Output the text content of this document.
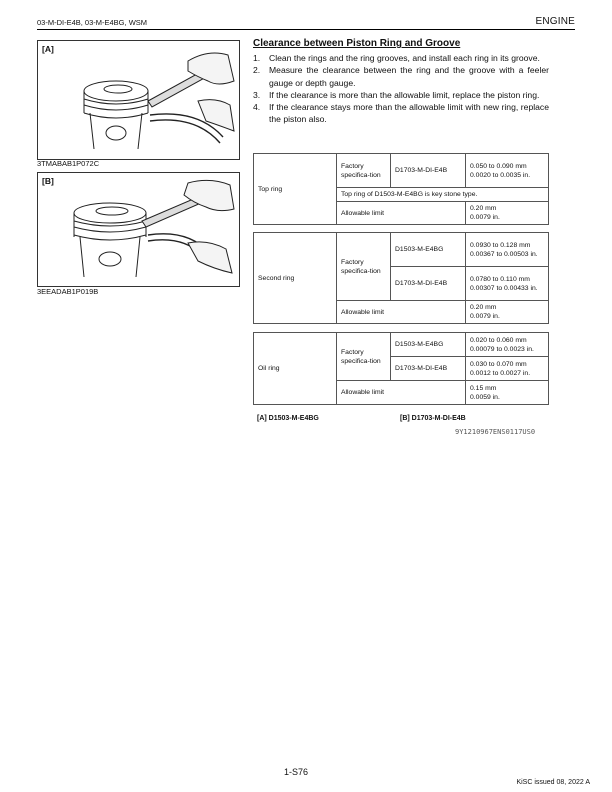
03-M-DI-E4B, 03-M-E4BG, WSM	ENGINE
[A]
3TMABAB1P072C
[B]
3EEADAB1P019B
Clearance between Piston Ring and Groove
1. Clean the rings and the ring grooves, and install each ring in its groove.
2. Measure the clearance between the ring and the groove with a feeler gauge or depth gauge.
3. If the clearance is more than the allowable limit, replace the piston ring.
4. If the clearance stays more than the allowable limit with new ring, replace the piston also.
Top ring	Factory specifica-tion	D1703-M-DI-E4B	0.050 to 0.090 mm 0.0020 to 0.0035 in.
	Top ring of D1503-M-E4BG is key stone type.		
	Allowable limit		0.20 mm
0.0079 in.
Second ring	Factory specifica-tion	D1503-M-E4BG	0.0930 to 0.128 mm 0.00367 to 0.00503 in.
		D1703-M-DI-E4B	0.0780 to 0.110 mm 0.00307 to 0.00433 in.
	Allowable limit		0.20 mm
0.0079 in.
Oil ring	Factory specifica-tion	D1503-M-E4BG	0.020 to 0.060 mm 0.00079 to 0.0023 in.
		D1703-M-DI-E4B	0.030 to 0.070 mm 0.0012 to 0.0027 in.
	Allowable limit		0.15 mm
0.0059 in.
[A] D1503-M-E4BG	[B] D1703-M-DI-E4B
9Y1210967ENS0117US0
1-S76
KiSC issued 08, 2022 A
